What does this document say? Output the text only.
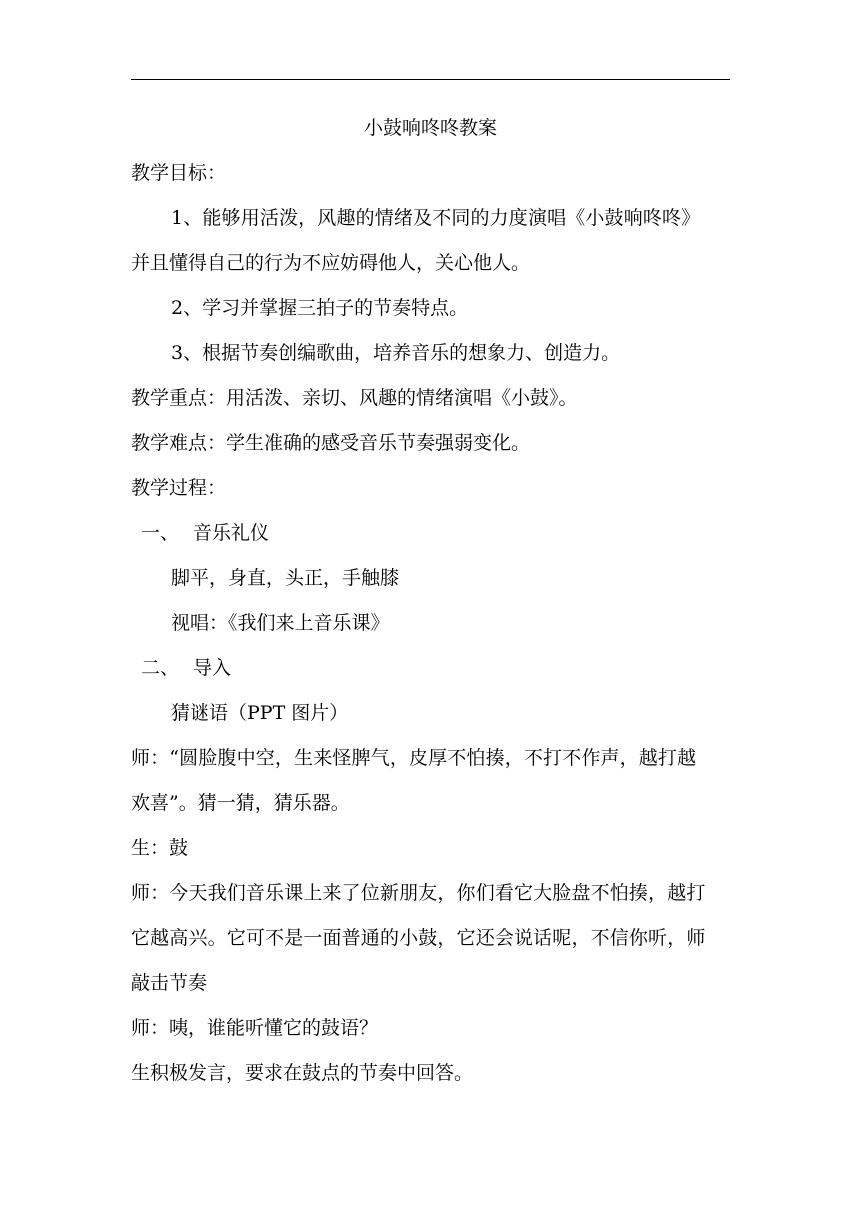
小鼓响咚咚教案

教学目标：

1、能够用活泼，风趣的情绪及不同的力度演唱《小鼓响咚咚》

并且懂得自己的行为不应妨碍他人，关心他人。

2、学习并掌握三拍子的节奏特点。

3、根据节奏创编歌曲，培养音乐的想象力、创造力。

教学重点：用活泼、亲切、风趣的情绪演唱《小鼓》。

教学难点：学生准确的感受音乐节奏强弱变化。

教学过程：

一、 音乐礼仪

脚平，身直，头正，手触膝

视唱：《我们来上音乐课》

二、 导入

猜谜语（PPT 图片）

师：“圆脸腹中空，生来怪脾气，皮厚不怕揍，不打不作声，越打越

欢喜”。猜一猜，猜乐器。

生：鼓

师：今天我们音乐课上来了位新朋友，你们看它大脸盘不怕揍，越打

它越高兴。它可不是一面普通的小鼓，它还会说话呢，不信你听，师

敲击节奏

师：咦，谁能听懂它的鼓语？

生积极发言，要求在鼓点的节奏中回答。
